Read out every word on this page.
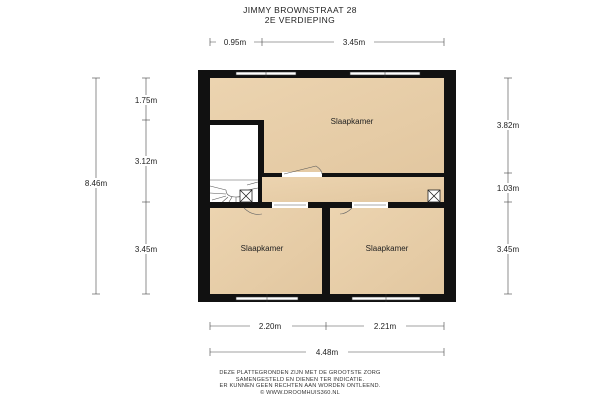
JIMMY BROWNSTRAAT 28
2E VERDIEPING
Slaapkamer
Slaapkamer	Slaapkamer
0.95m	3.45m
2.20m	2.21m
4.48m
8.46m
1.75m
3.12m
3.45m
3.82m
1.03m
3.45m
DEZE PLATTEGRONDEN ZIJN MET DE GROOTSTE ZORG
SAMENGESTELD EN DIENEN TER INDICATIE.
ER KUNNEN GEEN RECHTEN AAN WORDEN ONTLEEND.
© WWW.DROOMHUIS360.NL
